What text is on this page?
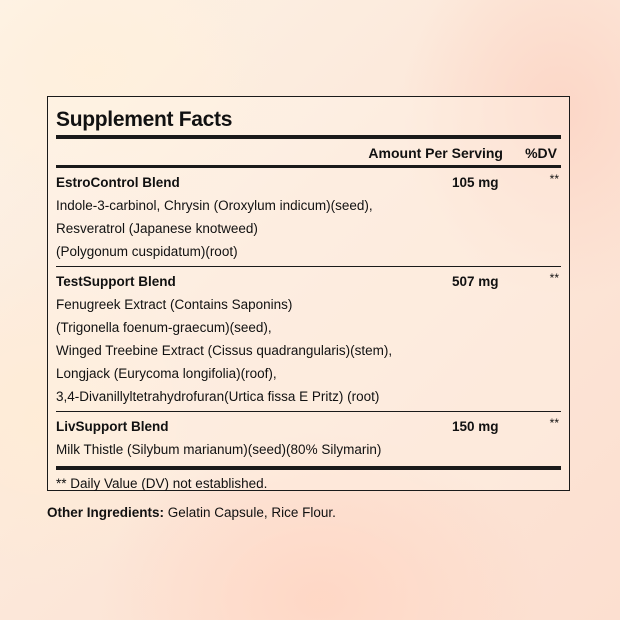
Supplement Facts
Amount Per Serving %DV
EstroControl Blend	105 mg	**
Indole-3-carbinol, Chrysin (Oroxylum indicum)(seed),
Resveratrol (Japanese knotweed)
(Polygonum cuspidatum)(root)
TestSupport Blend	507 mg	**
Fenugreek Extract (Contains Saponins)
(Trigonella foenum-graecum)(seed),
Winged Treebine Extract (Cissus quadrangularis)(stem),
Longjack (Eurycoma longifolia)(roof),
3,4-Divanillyltetrahydrofuran(Urtica fissa E Pritz) (root)
LivSupport Blend	150 mg	**
Milk Thistle (Silybum marianum)(seed)(80% Silymarin)
** Daily Value (DV) not established.
Other Ingredients: Gelatin Capsule, Rice Flour.
